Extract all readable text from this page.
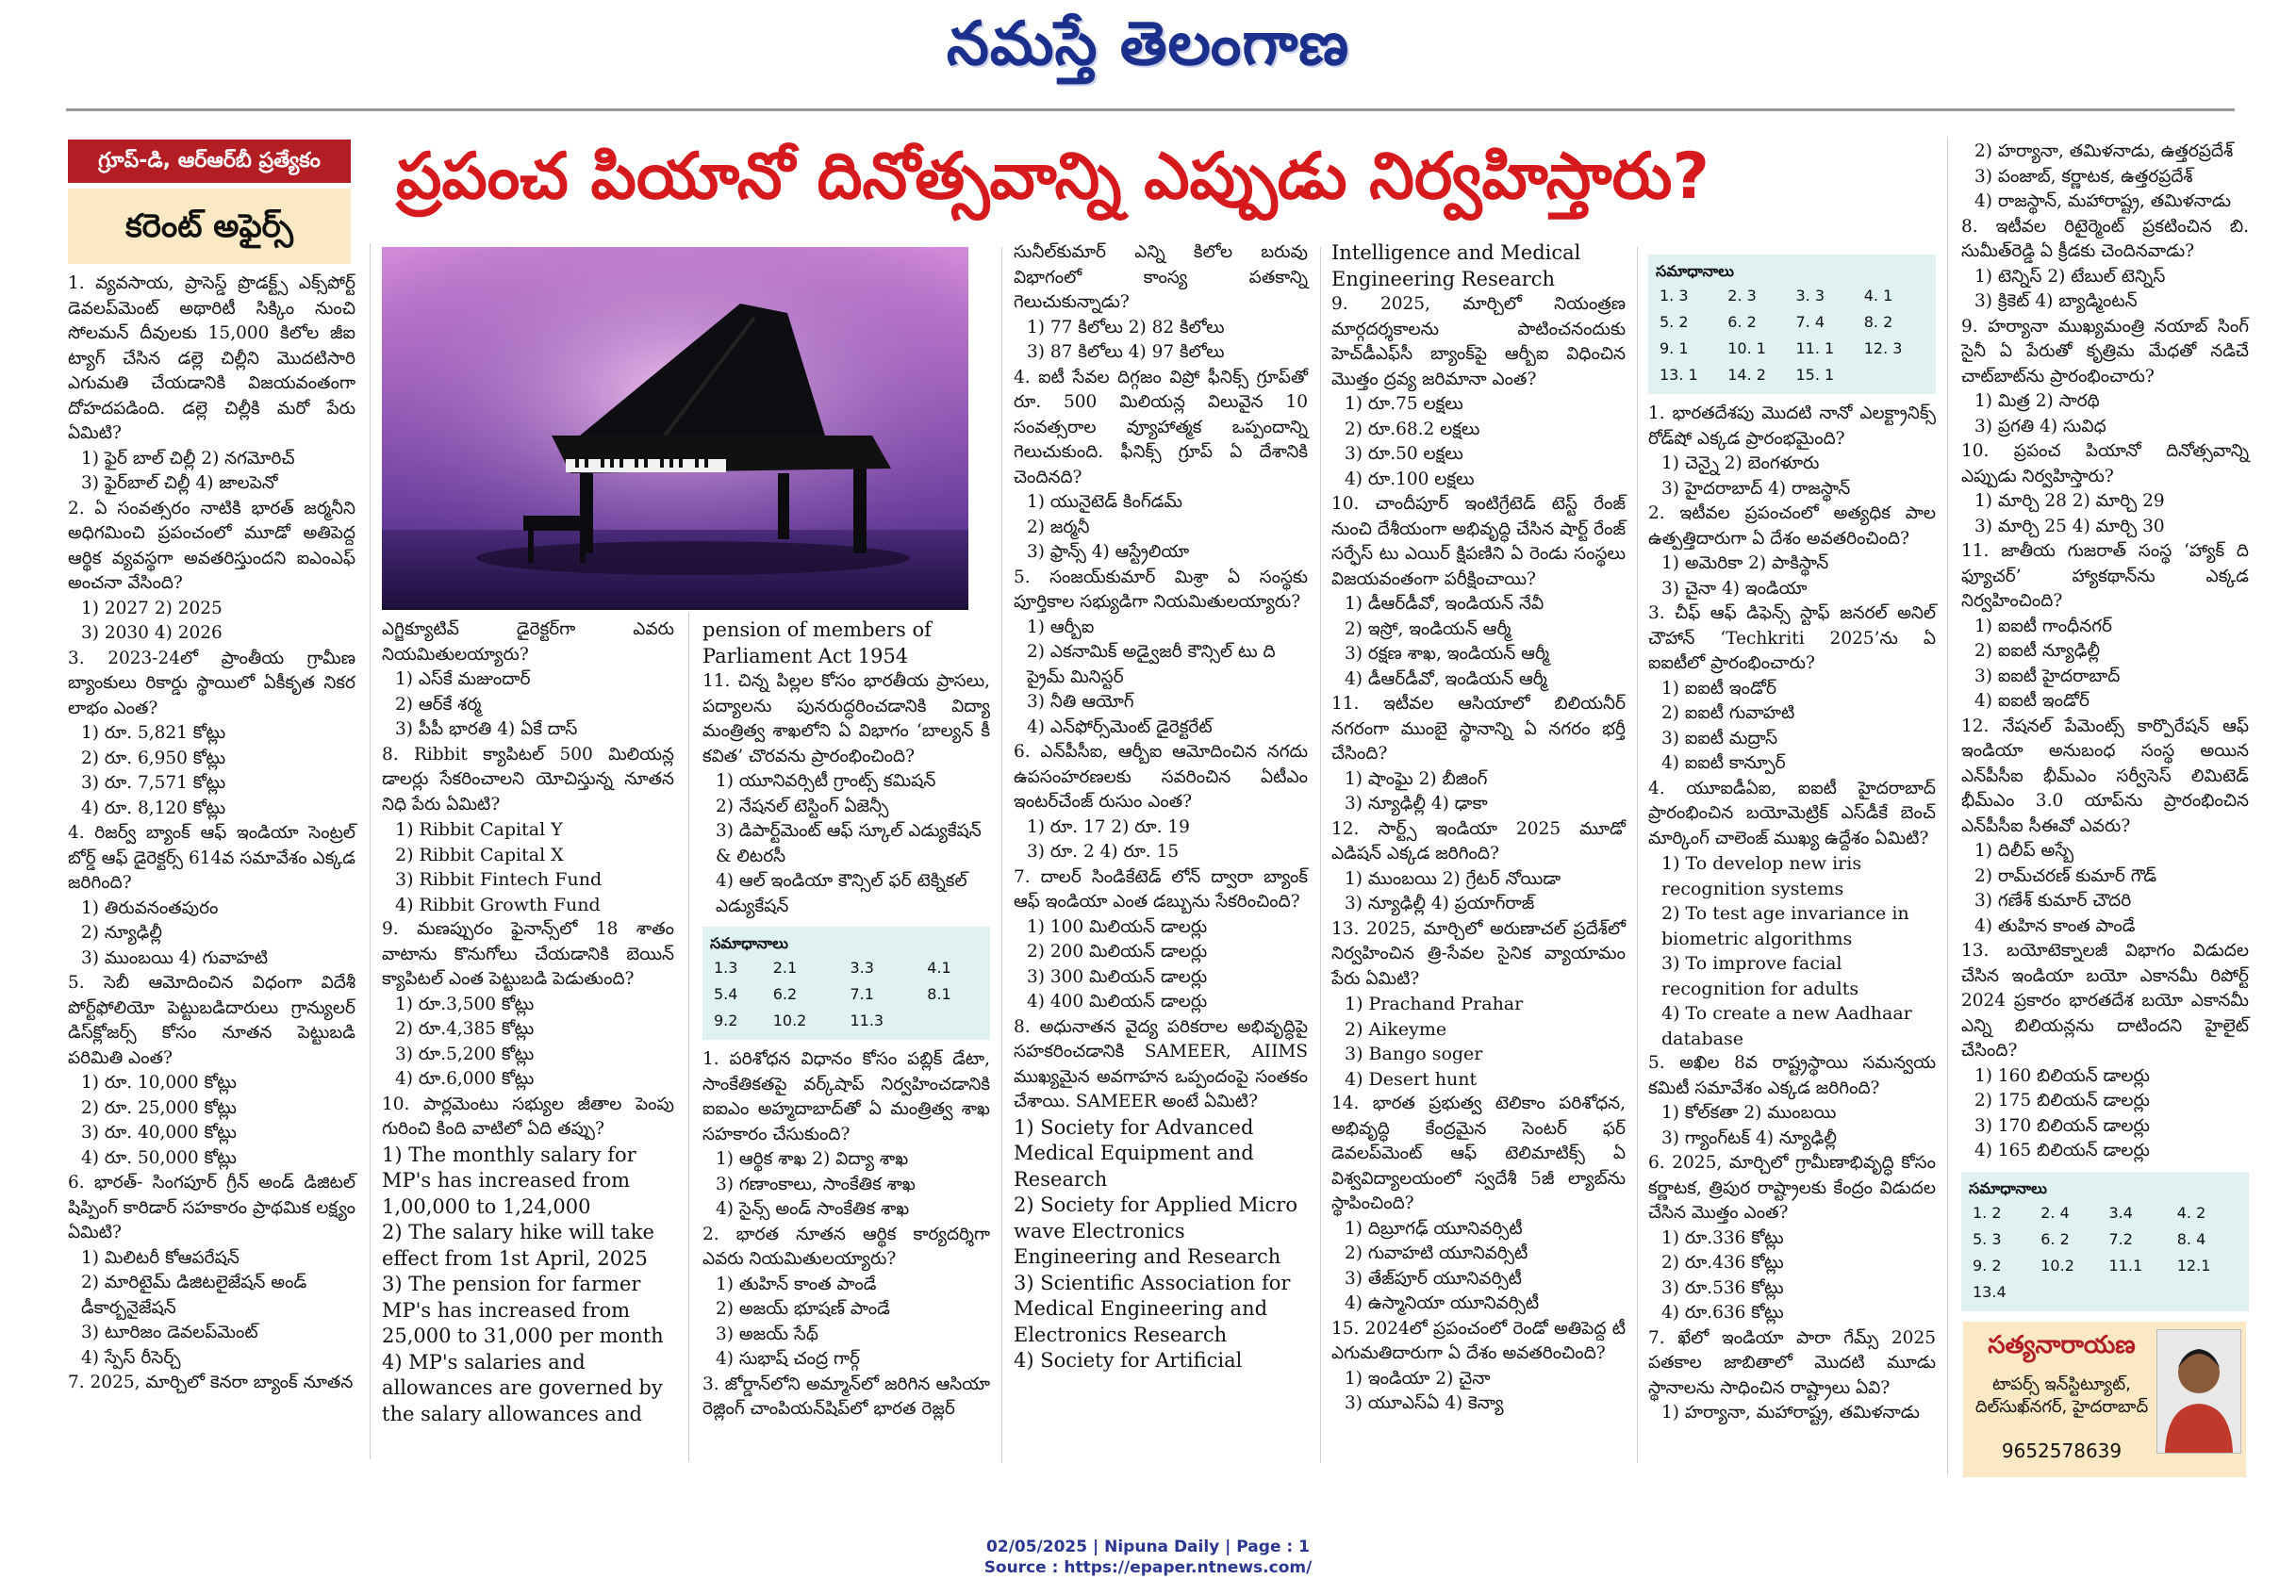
నమస్తే తెలంగాణ
గ్రూప్-డి, ఆర్ఆర్‌బీ ప్రత్యేకం
కరెంట్ అఫైర్స్
ప్రపంచ పియానో దినోత్సవాన్ని ఎప్పుడు నిర్వహిస్తారు?

1. వ్యవసాయ, ప్రాసెస్డ్ ప్రొడక్ట్స్ ఎక్స్‌పోర్ట్ డెవలప్‌మెంట్ అథారిటీ సిక్కిం నుంచి సోలమన్ దీవులకు 15,000 కిలోల జీఐ ట్యాగ్ చేసిన డల్లె చిల్లీని మొదటిసారి ఎగుమతి చేయడానికి విజయవంతంగా దోహదపడింది. డల్లె చిల్లీకి మరో పేరు ఏమిటి?

1) ఫైర్ బాల్ చిల్లీ 2) నగమోరిచ్

3) ఫైర్‌బాల్ చిల్లీ 4) జాలపెనో

2. ఏ సంవత్సరం నాటికి భారత్ జర్మనీని అధిగమించి ప్రపంచంలో మూడో అతిపెద్ద ఆర్థిక వ్యవస్థగా అవతరిస్తుందని ఐఎంఎఫ్ అంచనా వేసింది?

1) 2027 2) 2025

3) 2030 4) 2026

3. 2023-24లో ప్రాంతీయ గ్రామీణ బ్యాంకులు రికార్డు స్థాయిలో ఏకీకృత నికర లాభం ఎంత?

1) రూ. 5,821 కోట్లు

2) రూ. 6,950 కోట్లు

3) రూ. 7,571 కోట్లు

4) రూ. 8,120 కోట్లు

4. రిజర్వ్ బ్యాంక్ ఆఫ్ ఇండియా సెంట్రల్ బోర్డ్ ఆఫ్ డైరెక్టర్స్ 614వ సమావేశం ఎక్కడ జరిగింది?

1) తిరువనంతపురం

2) న్యూఢిల్లీ

3) ముంబయి 4) గువాహటి

5. సెబీ ఆమోదించిన విధంగా విదేశీ పోర్ట్‌ఫోలియో పెట్టుబడిదారులు గ్రాన్యులర్ డిస్‌క్లోజర్స్ కోసం నూతన పెట్టుబడి పరిమితి ఎంత?

1) రూ. 10,000 కోట్లు

2) రూ. 25,000 కోట్లు

3) రూ. 40,000 కోట్లు

4) రూ. 50,000 కోట్లు

6. భారత్- సింగపూర్ గ్రీన్ అండ్ డిజిటల్ షిప్పింగ్ కారిడార్ సహకారం ప్రాథమిక లక్ష్యం ఏమిటి?

1) మిలిటరీ కోఆపరేషన్

2) మారిటైమ్ డిజిటలైజేషన్ అండ్ డీకార్బనైజేషన్

3) టూరిజం డెవలప్‌మెంట్

4) స్పేస్ రీసెర్చ్

7. 2025, మార్చిలో కెనరా బ్యాంక్ నూతన

ఎగ్జిక్యూటివ్ డైరెక్టర్‌గా ఎవరు నియమితులయ్యారు?

1) ఎస్‌కే మజుందార్

2) ఆర్‌కే శర్మ

3) పీపీ భారతి 4) ఏకే దాస్

8. Ribbit క్యాపిటల్ 500 మిలియన్ల డాలర్లు సేకరించాలని యోచిస్తున్న నూతన నిధి పేరు ఏమిటి?

1) Ribbit Capital Y

2) Ribbit Capital X

3) Ribbit Fintech Fund

4) Ribbit Growth Fund

9. మణప్పురం ఫైనాన్స్‌లో 18 శాతం వాటాను కొనుగోలు చేయడానికి బెయిన్ క్యాపిటల్ ఎంత పెట్టుబడి పెడుతుంది?

1) రూ.3,500 కోట్లు

2) రూ.4,385 కోట్లు

3) రూ.5,200 కోట్లు

4) రూ.6,000 కోట్లు

10. పార్లమెంటు సభ్యుల జీతాల పెంపు గురించి కింది వాటిలో ఏది తప్పు?

1) The monthly salary for MP's has increased from 1,00,000 to 1,24,000

2) The salary hike will take effect from 1st April, 2025

3) The pension for farmer MP's has increased from 25,000 to 31,000 per month

4) MP's salaries and allowances are governed by the salary allowances and

pension of members of Parliament Act 1954

11. చిన్న పిల్లల కోసం భారతీయ ప్రాసలు, పద్యాలను పునరుద్ధరించడానికి విద్యా మంత్రిత్వ శాఖలోని ఏ విభాగం ‘బాల్యన్ కీ కవిత’ చొరవను ప్రారంభించింది?

1) యూనివర్సిటీ గ్రాంట్స్ కమిషన్

2) నేషనల్ టెస్టింగ్ ఏజెన్సీ

3) డిపార్ట్‌మెంట్ ఆఫ్ స్కూల్ ఎడ్యుకేషన్ & లిటరసీ

4) ఆల్ ఇండియా కౌన్సిల్ ఫర్ టెక్నికల్ ఎడ్యుకేషన్

సమాధానాలు
1.3	2.1	3.3	4.1
5.4	6.2	7.1	8.1
9.2	10.2	11.3	

1. పరిశోధన విధానం కోసం పబ్లిక్ డేటా, సాంకేతికతపై వర్క్‌షాప్ నిర్వహించడానికి ఐఐఎం అహ్మదాబాద్‌తో ఏ మంత్రిత్వ శాఖ సహకారం చేసుకుంది?

1) ఆర్థిక శాఖ 2) విద్యా శాఖ

3) గణాంకాలు, సాంకేతిక శాఖ

4) సైన్స్ అండ్ సాంకేతిక శాఖ

2. భారత నూతన ఆర్థిక కార్యదర్శిగా ఎవరు నియమితులయ్యారు?

1) తుహిన్ కాంత పాండే

2) అజయ్ భూషణ్ పాండే

3) అజయ్ సేథ్

4) సుభాష్ చంద్ర గార్గ్

3. జోర్డాన్‌లోని అమ్మాన్‌లో జరిగిన ఆసియా రెజ్లింగ్ చాంపియన్‌షిప్‌లో భారత రెజ్లర్

సునీల్‌కుమార్ ఎన్ని కిలోల బరువు విభాగంలో కాంస్య పతకాన్ని గెలుచుకున్నాడు?

1) 77 కిలోలు 2) 82 కిలోలు

3) 87 కిలోలు 4) 97 కిలోలు

4. ఐటీ సేవల దిగ్గజం విప్రో ఫీనిక్స్ గ్రూప్‌తో రూ. 500 మిలియన్ల విలువైన 10 సంవత్సరాల వ్యూహాత్మక ఒప్పందాన్ని గెలుచుకుంది. ఫీనిక్స్ గ్రూప్ ఏ దేశానికి చెందినది?

1) యునైటెడ్ కింగ్‌డమ్

2) జర్మనీ

3) ఫ్రాన్స్ 4) ఆస్ట్రేలియా

5. సంజయ్‌కుమార్ మిశ్రా ఏ సంస్థకు పూర్తికాల సభ్యుడిగా నియమితులయ్యారు?

1) ఆర్బీఐ

2) ఎకనామిక్ అడ్వైజరీ కౌన్సిల్ టు ది ప్రైమ్ మినిస్టర్

3) నీతి ఆయోగ్

4) ఎన్‌ఫోర్స్‌మెంట్ డైరెక్టరేట్

6. ఎన్‌పీసీఐ, ఆర్బీఐ ఆమోదించిన నగదు ఉపసంహరణలకు సవరించిన ఏటీఎం ఇంటర్‌చేంజ్ రుసుం ఎంత?

1) రూ. 17 2) రూ. 19

3) రూ. 2 4) రూ. 15

7. దాలర్ సిండికేటెడ్ లోన్ ద్వారా బ్యాంక్ ఆఫ్ ఇండియా ఎంత డబ్బును సేకరించింది?

1) 100 మిలియన్ డాలర్లు

2) 200 మిలియన్ డాలర్లు

3) 300 మిలియన్ డాలర్లు

4) 400 మిలియన్ డాలర్లు

8. అధునాతన వైద్య పరికరాల అభివృద్ధిపై సహకరించడానికి SAMEER, AIIMS ముఖ్యమైన అవగాహన ఒప్పందంపై సంతకం చేశాయి. SAMEER అంటే ఏమిటి?

1) Society for Advanced Medical Equipment and Research

2) Society for Applied Micro wave Electronics Engineering and Research

3) Scientific Association for Medical Engineering and Electronics Research

4) Society for Artificial

Intelligence and Medical Engineering Research

9. 2025, మార్చిలో నియంత్రణ మార్గదర్శకాలను పాటించనందుకు హెచ్‌డీఎఫ్‌సీ బ్యాంక్‌పై ఆర్బీఐ విధించిన మొత్తం ద్రవ్య జరిమానా ఎంత?

1) రూ.75 లక్షలు

2) రూ.68.2 లక్షలు

3) రూ.50 లక్షలు

4) రూ.100 లక్షలు

10. చాందీపూర్ ఇంటిగ్రేటెడ్ టెస్ట్ రేంజ్ నుంచి దేశీయంగా అభివృద్ధి చేసిన షార్ట్ రేంజ్ సర్ఫేస్ టు ఎయిర్ క్షిపణిని ఏ రెండు సంస్థలు విజయవంతంగా పరీక్షించాయి?

1) డీఆర్‌డీవో, ఇండియన్ నేవీ

2) ఇస్రో, ఇండియన్ ఆర్మీ

3) రక్షణ శాఖ, ఇండియన్ ఆర్మీ

4) డీఆర్‌డీవో, ఇండియన్ ఆర్మీ

11. ఇటీవల ఆసియాలో బిలియనీర్ నగరంగా ముంబై స్థానాన్ని ఏ నగరం భర్తీ చేసింది?

1) షాంఘై 2) బీజింగ్

3) న్యూఢిల్లీ 4) ఢాకా

12. సార్ట్స్ ఇండియా 2025 మూడో ఎడిషన్ ఎక్కడ జరిగింది?

1) ముంబయి 2) గ్రేటర్ నోయిడా

3) న్యూఢిల్లీ 4) ప్రయాగ్‌రాజ్

13. 2025, మార్చిలో అరుణాచల్ ప్రదేశ్‌లో నిర్వహించిన త్రి-సేవల సైనిక వ్యాయామం పేరు ఏమిటి?

1) Prachand Prahar

2) Aikeyme

3) Bango soger

4) Desert hunt

14. భారత ప్రభుత్వ టెలికాం పరిశోధన, అభివృద్ధి కేంద్రమైన సెంటర్ ఫర్ డెవలప్‌మెంట్ ఆఫ్ టెలిమాటిక్స్ ఏ విశ్వవిద్యాలయంలో స్వదేశీ 5జీ ల్యాబ్‌ను స్థాపించింది?

1) దిబ్రూగఢ్ యూనివర్సిటీ

2) గువాహటి యూనివర్సిటీ

3) తేజ్‌పూర్ యూనివర్సిటీ

4) ఉస్మానియా యూనివర్సిటీ

15. 2024లో ప్రపంచంలో రెండో అతిపెద్ద టీ ఎగుమతిదారుగా ఏ దేశం అవతరించింది?

1) ఇండియా 2) చైనా

3) యూఎస్ఏ 4) కెన్యా

సమాధానాలు
1. 3	2. 3	3. 3	4. 1
5. 2	6. 2	7. 4	8. 2
9. 1	10. 1	11. 1	12. 3
13. 1	14. 2	15. 1	

1. భారతదేశపు మొదటి నానో ఎలక్ట్రానిక్స్ రోడ్‌షో ఎక్కడ ప్రారంభమైంది?

1) చెన్నై 2) బెంగళూరు

3) హైదరాబాద్ 4) రాజస్థాన్

2. ఇటీవల ప్రపంచంలో అత్యధిక పాల ఉత్పత్తిదారుగా ఏ దేశం అవతరించింది?

1) అమెరికా 2) పాకిస్థాన్

3) చైనా 4) ఇండియా

3. చీఫ్ ఆఫ్ డిఫెన్స్ స్టాఫ్ జనరల్ అనిల్ చౌహాన్ ‘Techkriti 2025’ను ఏ ఐఐటీలో ప్రారంభించారు?

1) ఐఐటీ ఇండోర్

2) ఐఐటీ గువాహటి

3) ఐఐటీ మద్రాస్

4) ఐఐటీ కాన్పూర్

4. యూఐడీఏఐ, ఐఐటీ హైదరాబాద్ ప్రారంభించిన బయోమెట్రిక్ ఎస్‌డీకే బెంచ్ మార్కింగ్ చాలెంజ్ ముఖ్య ఉద్దేశం ఏమిటి?

1) To develop new iris recognition systems

2) To test age invariance in biometric algorithms

3) To improve facial recognition for adults

4) To create a new Aadhaar database

5. అఖిల 8వ రాష్ట్రస్థాయి సమన్వయ కమిటీ సమావేశం ఎక్కడ జరిగింది?

1) కోల్‌కతా 2) ముంబయి

3) గ్యాంగ్‌టక్ 4) న్యూఢిల్లీ

6. 2025, మార్చిలో గ్రామీణాభివృద్ధి కోసం కర్ణాటక, త్రిపుర రాష్ట్రాలకు కేంద్రం విడుదల చేసిన మొత్తం ఎంత?

1) రూ.336 కోట్లు

2) రూ.436 కోట్లు

3) రూ.536 కోట్లు

4) రూ.636 కోట్లు

7. ఖేలో ఇండియా పారా గేమ్స్ 2025 పతకాల జాబితాలో మొదటి మూడు స్థానాలను సాధించిన రాష్ట్రాలు ఏవి?

1) హర్యానా, మహారాష్ట్ర, తమిళనాడు

2) హర్యానా, తమిళనాడు, ఉత్తరప్రదేశ్

3) పంజాబ్, కర్ణాటక, ఉత్తరప్రదేశ్

4) రాజస్థాన్, మహారాష్ట్ర, తమిళనాడు

8. ఇటీవల రిటైర్మెంట్ ప్రకటించిన బి. సుమీత్‌రెడ్డి ఏ క్రీడకు చెందినవాడు?

1) టెన్నిస్ 2) టేబుల్ టెన్నిస్

3) క్రికెట్ 4) బ్యాడ్మింటన్

9. హర్యానా ముఖ్యమంత్రి నయాబ్ సింగ్ సైనీ ఏ పేరుతో కృత్రిమ మేధతో నడిచే చాట్‌బాట్‌ను ప్రారంభించారు?

1) మిత్ర 2) సారథి

3) ప్రగతి 4) సువిధ

10. ప్రపంచ పియానో దినోత్సవాన్ని ఎప్పుడు నిర్వహిస్తారు?

1) మార్చి 28 2) మార్చి 29

3) మార్చి 25 4) మార్చి 30

11. జాతీయ గుజరాత్ సంస్థ ‘హ్యాక్ ది ఫ్యూచర్’ హ్యాకథాన్‌ను ఎక్కడ నిర్వహించింది?

1) ఐఐటీ గాంధీనగర్

2) ఐఐటీ న్యూఢిల్లీ

3) ఐఐటీ హైదరాబాద్

4) ఐఐటీ ఇండోర్

12. నేషనల్ పేమెంట్స్ కార్పొరేషన్ ఆఫ్ ఇండియా అనుబంధ సంస్థ అయిన ఎన్‌పీసీఐ భీమ్‌ఎం సర్వీసెస్ లిమిటెడ్ భీమ్‌ఎం 3.0 యాప్‌ను ప్రారంభించిన ఎన్‌పీసీఐ సీఈవో ఎవరు?

1) దిలీప్ అస్బే

2) రామ్‌చరణ్ కుమార్ గౌడ్

3) గణేశ్ కుమార్ చౌదరి

4) తుహిన కాంత పాండే

13. బయోటెక్నాలజీ విభాగం విడుదల చేసిన ఇండియా బయో ఎకానమీ రిపోర్ట్ 2024 ప్రకారం భారతదేశ బయో ఎకానమీ ఎన్ని బిలియన్లను దాటిందని హైలైట్ చేసింది?

1) 160 బిలియన్ డాలర్లు

2) 175 బిలియన్ డాలర్లు

3) 170 బిలియన్ డాలర్లు

4) 165 బిలియన్ డాలర్లు

సమాధానాలు
1. 2	2. 4	3.4	4. 2
5. 3	6. 2	7.2	8. 4
9. 2	10.2	11.1	12.1
13.4			
సత్యనారాయణ
టాపర్స్ ఇన్‌స్టిట్యూట్, దిల్‌సుఖ్‌నగర్, హైదరాబాద్
9652578639
02/05/2025 | Nipuna Daily | Page : 1
Source : https://epaper.ntnews.com/
